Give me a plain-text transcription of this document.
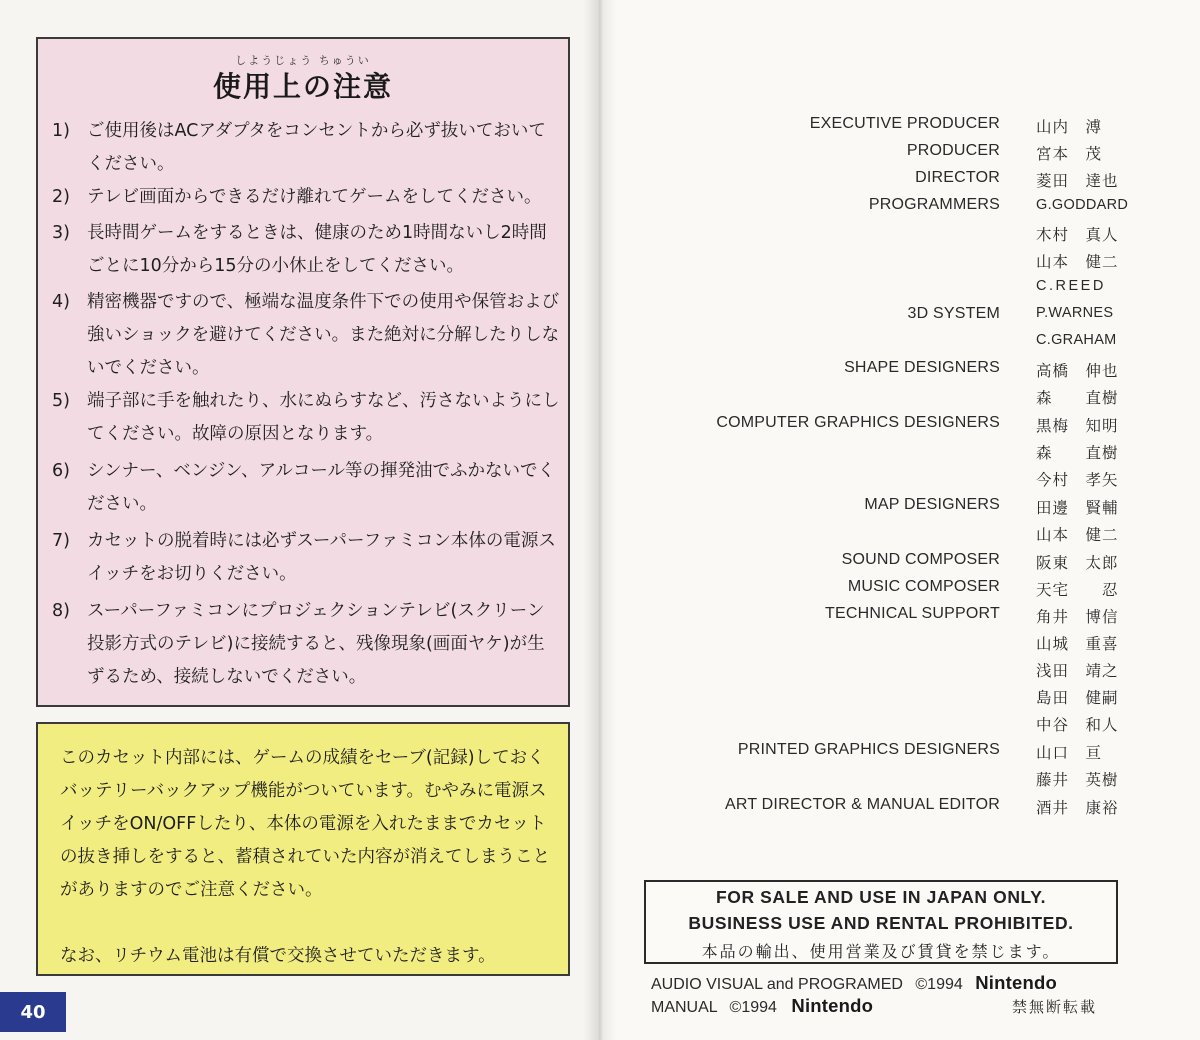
しようじょう ちゅうい
使用上の注意
1) ご使用後はACアダプタをコンセントから必ず抜いておいてください。
2) テレビ画面からできるだけ離れてゲームをしてください。
3) 長時間ゲームをするときは、健康のため1時間ないし2時間ごとに10分から15分の小休止をしてください。
4) 精密機器ですので、極端な温度条件下での使用や保管および強いショックを避けてください。また絶対に分解したりしないでください。
5) 端子部に手を触れたり、水にぬらすなど、汚さないようにしてください。故障の原因となります。
6) シンナー、ベンジン、アルコール等の揮発油でふかないでください。
7) カセットの脱着時には必ずスーパーファミコン本体の電源スイッチをお切りください。
8) スーパーファミコンにプロジェクションテレビ(スクリーン投影方式のテレビ)に接続すると、残像現象(画面ヤケ)が生ずるため、接続しないでください。
このカセット内部には、ゲームの成績をセーブ(記録)しておくバッテリーバックアップ機能がついています。むやみに電源スイッチをON/OFFしたり、本体の電源を入れたままでカセットの抜き挿しをすると、蓄積されていた内容が消えてしまうことがありますのでご注意ください。
なお、リチウム電池は有償で交換させていただきます。
40
EXECUTIVE PRODUCER 山内　溥
PRODUCER 宮本　茂
DIRECTOR 菱田　達也
PROGRAMMERS G.GODDARD
木村　真人
山本　健二
C.REED
3D SYSTEM P.WARNES
C.GRAHAM
SHAPE DESIGNERS 高橋　伸也
森　　直樹
COMPUTER GRAPHICS DESIGNERS 黒梅　知明
森　　直樹
今村　孝矢
MAP DESIGNERS 田邊　賢輔
山本　健二
SOUND COMPOSER 阪東　太郎
MUSIC COMPOSER 天宅　　忍
TECHNICAL SUPPORT 角井　博信
山城　重喜
浅田　靖之
島田　健嗣
中谷　和人
PRINTED GRAPHICS DESIGNERS 山口　亘
藤井　英樹
ART DIRECTOR & MANUAL EDITOR 酒井　康裕
FOR SALE AND USE IN JAPAN ONLY.
BUSINESS USE AND RENTAL PROHIBITED.
本品の輸出、使用営業及び賃貸を禁じます。
AUDIO VISUAL and PROGRAMED ©1994 Nintendo
MANUAL ©1994 Nintendo	禁無断転載
